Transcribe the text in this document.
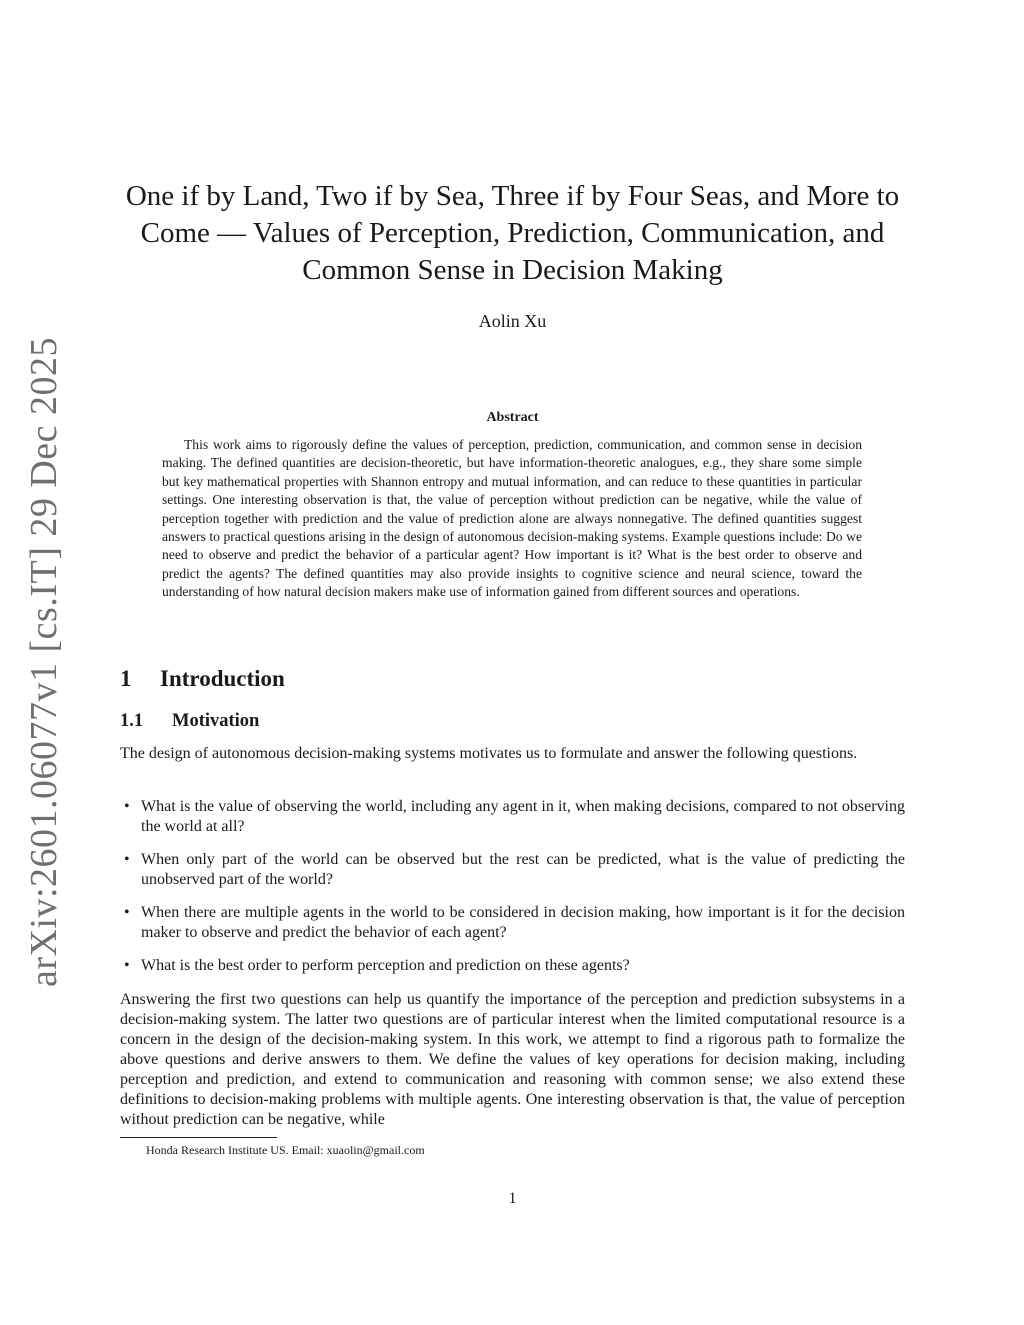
arXiv:2601.06077v1 [cs.IT] 29 Dec 2025
One if by Land, Two if by Sea, Three if by Four Seas, and More to Come — Values of Perception, Prediction, Communication, and Common Sense in Decision Making
Aolin Xu
Abstract

This work aims to rigorously define the values of perception, prediction, communication, and common sense in decision making. The defined quantities are decision-theoretic, but have information-theoretic analogues, e.g., they share some simple but key mathematical properties with Shannon entropy and mutual information, and can reduce to these quantities in particular settings. One interesting observation is that, the value of perception without prediction can be negative, while the value of perception together with prediction and the value of prediction alone are always nonnegative. The defined quantities suggest answers to practical questions arising in the design of autonomous decision-making systems. Example questions include: Do we need to observe and predict the behavior of a particular agent? How important is it? What is the best order to observe and predict the agents? The defined quantities may also provide insights to cognitive science and neural science, toward the understanding of how natural decision makers make use of information gained from different sources and operations.

1 Introduction
1.1 Motivation

The design of autonomous decision-making systems motivates us to formulate and answer the following questions.

• What is the value of observing the world, including any agent in it, when making decisions, compared to not observing the world at all?
• When only part of the world can be observed but the rest can be predicted, what is the value of predicting the unobserved part of the world?
• When there are multiple agents in the world to be considered in decision making, how important is it for the decision maker to observe and predict the behavior of each agent?
• What is the best order to perform perception and prediction on these agents?

Answering the first two questions can help us quantify the importance of the perception and prediction subsystems in a decision-making system. The latter two questions are of particular interest when the limited computational resource is a concern in the design of the decision-making system. In this work, we attempt to find a rigorous path to formalize the above questions and derive answers to them. We define the values of key operations for decision making, including perception and prediction, and extend to communication and reasoning with common sense; we also extend these definitions to decision-making problems with multiple agents. One interesting observation is that, the value of perception without prediction can be negative, while

Honda Research Institute US. Email: xuaolin@gmail.com
1
